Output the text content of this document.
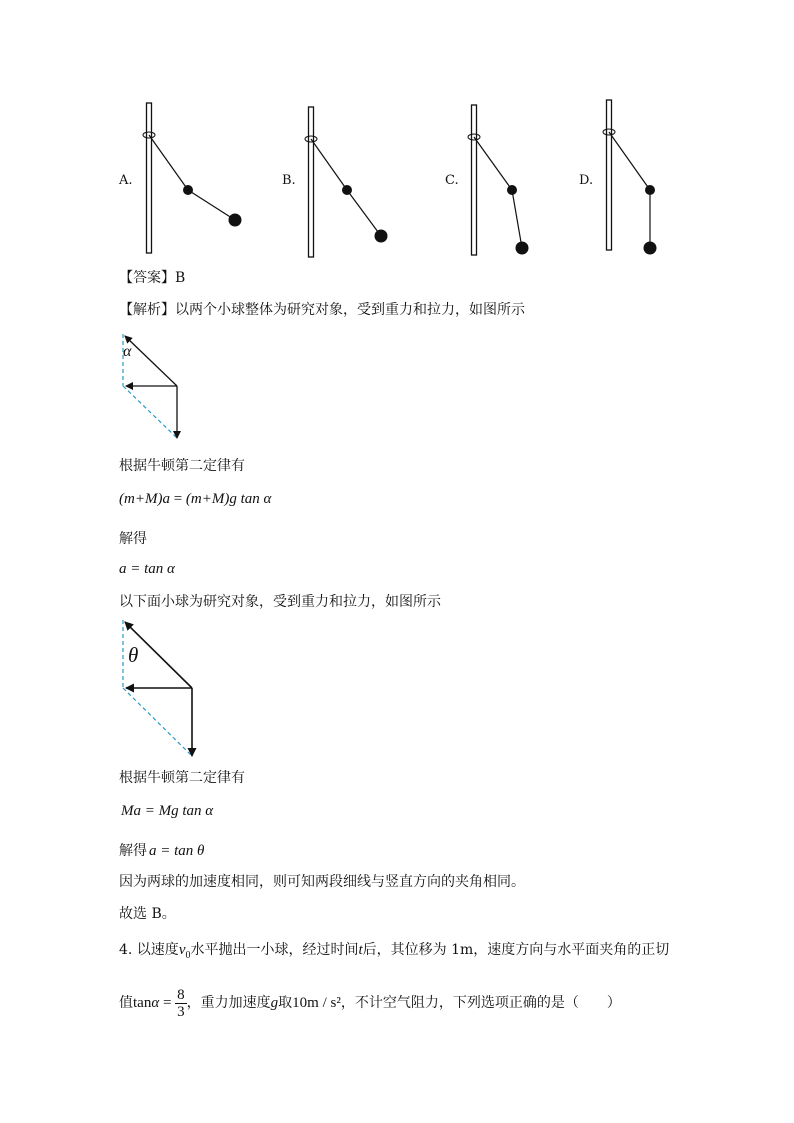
A.	B.	C.	D.
【答案】B
【解析】以两个小球整体为研究对象，受到重力和拉力，如图所示
α
根据牛顿第二定律有
(m+M)a = (m+M)g tan α
解得
a = tan α
以下面小球为研究对象，受到重力和拉力，如图所示
θ
根据牛顿第二定律有
Ma = Mg tan α
解得 a = tan θ
因为两球的加速度相同，则可知两段细线与竖直方向的夹角相同。
故选 B。
4. 以速度$v_0$水平抛出一小球，经过时间t后，其位移为 1m，速度方向与水平面夹角的正切
值$\tan\alpha = \frac{8}{3}$ ，重力加速度g取10m / s²，不计空气阻力，下列选项正确的是（　　）
